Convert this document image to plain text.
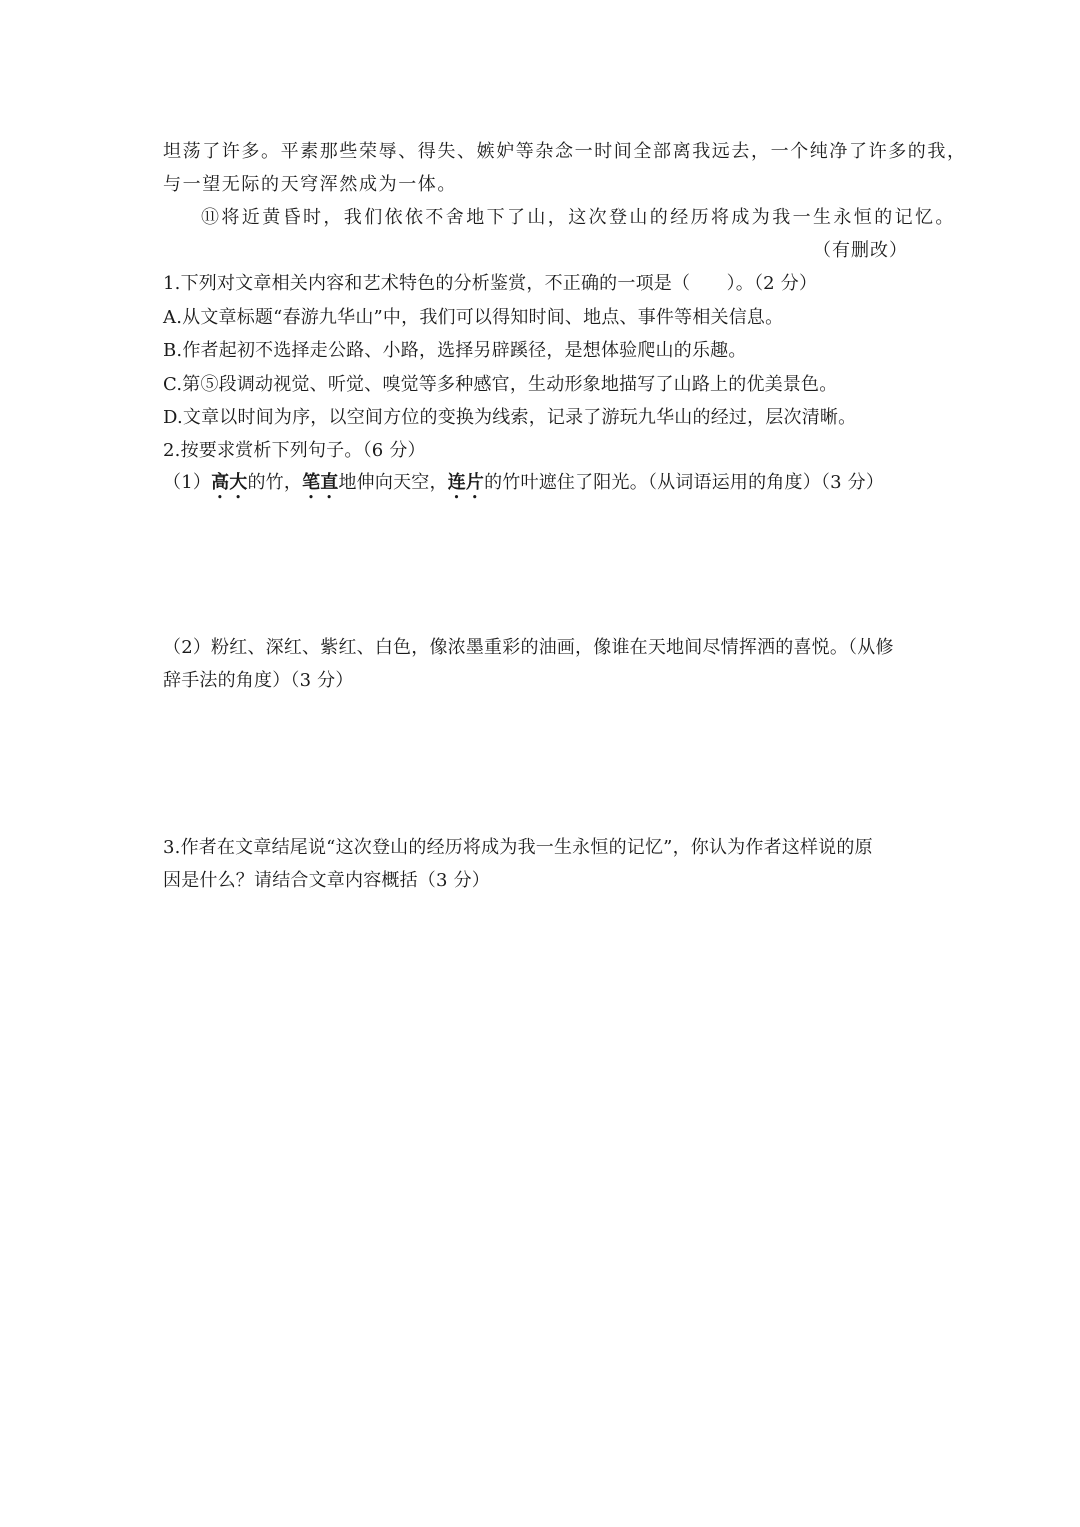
坦荡了许多。平素那些荣辱、得失、嫉妒等杂念一时间全部离我远去，一个纯净了许多的我，
与一望无际的天穹浑然成为一体。
⑪将近黄昏时，我们依依不舍地下了山，这次登山的经历将成为我一生永恒的记忆。
（有删改）
1.下列对文章相关内容和艺术特色的分析鉴赏，不正确的一项是（　　）。（2 分）
A.从文章标题“春游九华山”中，我们可以得知时间、地点、事件等相关信息。
B.作者起初不选择走公路、小路，选择另辟蹊径，是想体验爬山的乐趣。
C.第⑤段调动视觉、听觉、嗅觉等多种感官，生动形象地描写了山路上的优美景色。
D.文章以时间为序，以空间方位的变换为线索，记录了游玩九华山的经过，层次清晰。
2.按要求赏析下列句子。（6 分）
（1）高大的竹，笔直地伸向天空，连片的竹叶遮住了阳光。（从词语运用的角度）（3 分）
（2）粉红、深红、紫红、白色，像浓墨重彩的油画，像谁在天地间尽情挥洒的喜悦。（从修
辞手法的角度）（3 分）
3.作者在文章结尾说“这次登山的经历将成为我一生永恒的记忆”，你认为作者这样说的原
因是什么？请结合文章内容概括（3 分）
